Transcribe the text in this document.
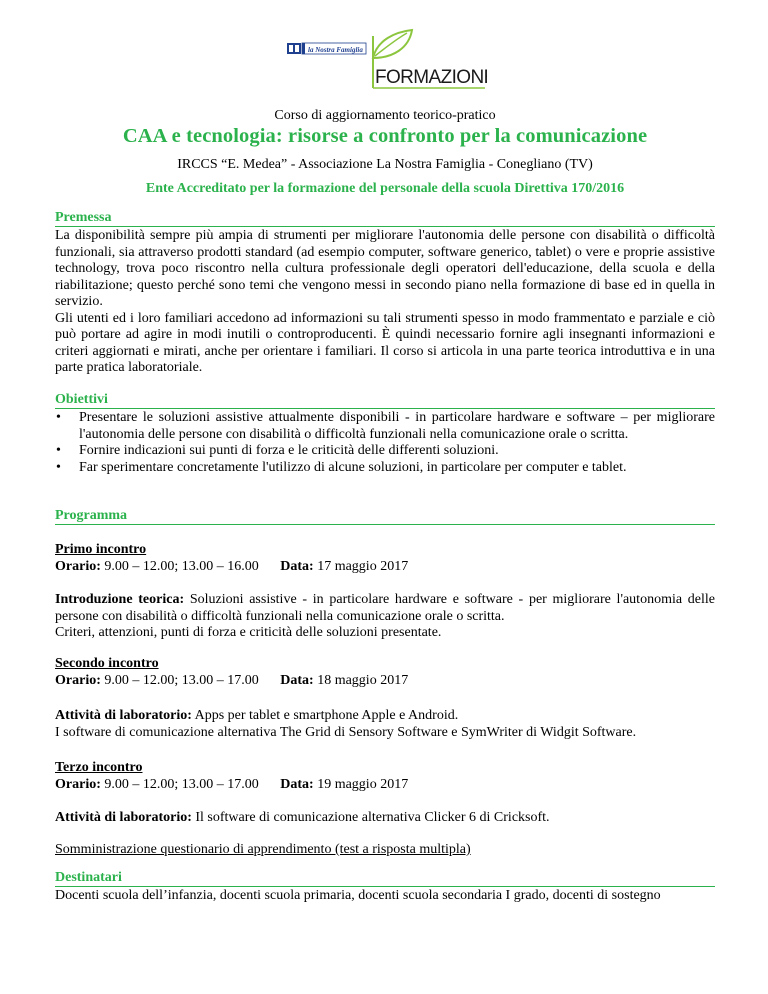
la Nostra Famiglia
FORMAZIONE
Corso di aggiornamento teorico-pratico
CAA e tecnologia: risorse a confronto per la comunicazione
IRCCS “E. Medea” - Associazione La Nostra Famiglia - Conegliano (TV)
Ente Accreditato per la formazione del personale della scuola Direttiva 170/2016
Premessa

La disponibilità sempre più ampia di strumenti per migliorare l'autonomia delle persone con disabilità o difficoltà funzionali, sia attraverso prodotti standard (ad esempio computer, software generico, tablet) o vere e proprie assistive technology, trova poco riscontro nella cultura professionale degli operatori dell'educazione, della scuola e della riabilitazione; questo perché sono temi che vengono messi in secondo piano nella formazione di base ed in quella in servizio.

Gli utenti ed i loro familiari accedono ad informazioni su tali strumenti spesso in modo frammentato e parziale e ciò può portare ad agire in modi inutili o controproducenti. È quindi necessario fornire agli insegnanti informazioni e criteri aggiornati e mirati, anche per orientare i familiari. Il corso si articola in una parte teorica introduttiva e in una parte pratica laboratoriale.

Obiettivi
• Presentare le soluzioni assistive attualmente disponibili - in particolare hardware e software – per migliorare l'autonomia delle persone con disabilità o difficoltà funzionali nella comunicazione orale o scritta.
• Fornire indicazioni sui punti di forza e le criticità delle differenti soluzioni.
• Far sperimentare concretamente l'utilizzo di alcune soluzioni, in particolare per computer e tablet.
Programma
Primo incontro
Orario: 9.00 – 12.00; 13.00 – 16.00 Data: 17 maggio 2017

Introduzione teorica: Soluzioni assistive - in particolare hardware e software - per migliorare l'autonomia delle persone con disabilità o difficoltà funzionali nella comunicazione orale o scritta.

Criteri, attenzioni, punti di forza e criticità delle soluzioni presentate.

Secondo incontro
Orario: 9.00 – 12.00; 13.00 – 17.00 Data: 18 maggio 2017

Attività di laboratorio: Apps per tablet e smartphone Apple e Android.

I software di comunicazione alternativa The Grid di Sensory Software e SymWriter di Widgit Software.

Terzo incontro
Orario: 9.00 – 12.00; 13.00 – 17.00 Data: 19 maggio 2017

Attività di laboratorio: Il software di comunicazione alternativa Clicker 6 di Cricksoft.

Somministrazione questionario di apprendimento (test a risposta multipla)

Destinatari

Docenti scuola dell’infanzia, docenti scuola primaria, docenti scuola secondaria I grado, docenti di sostegno
